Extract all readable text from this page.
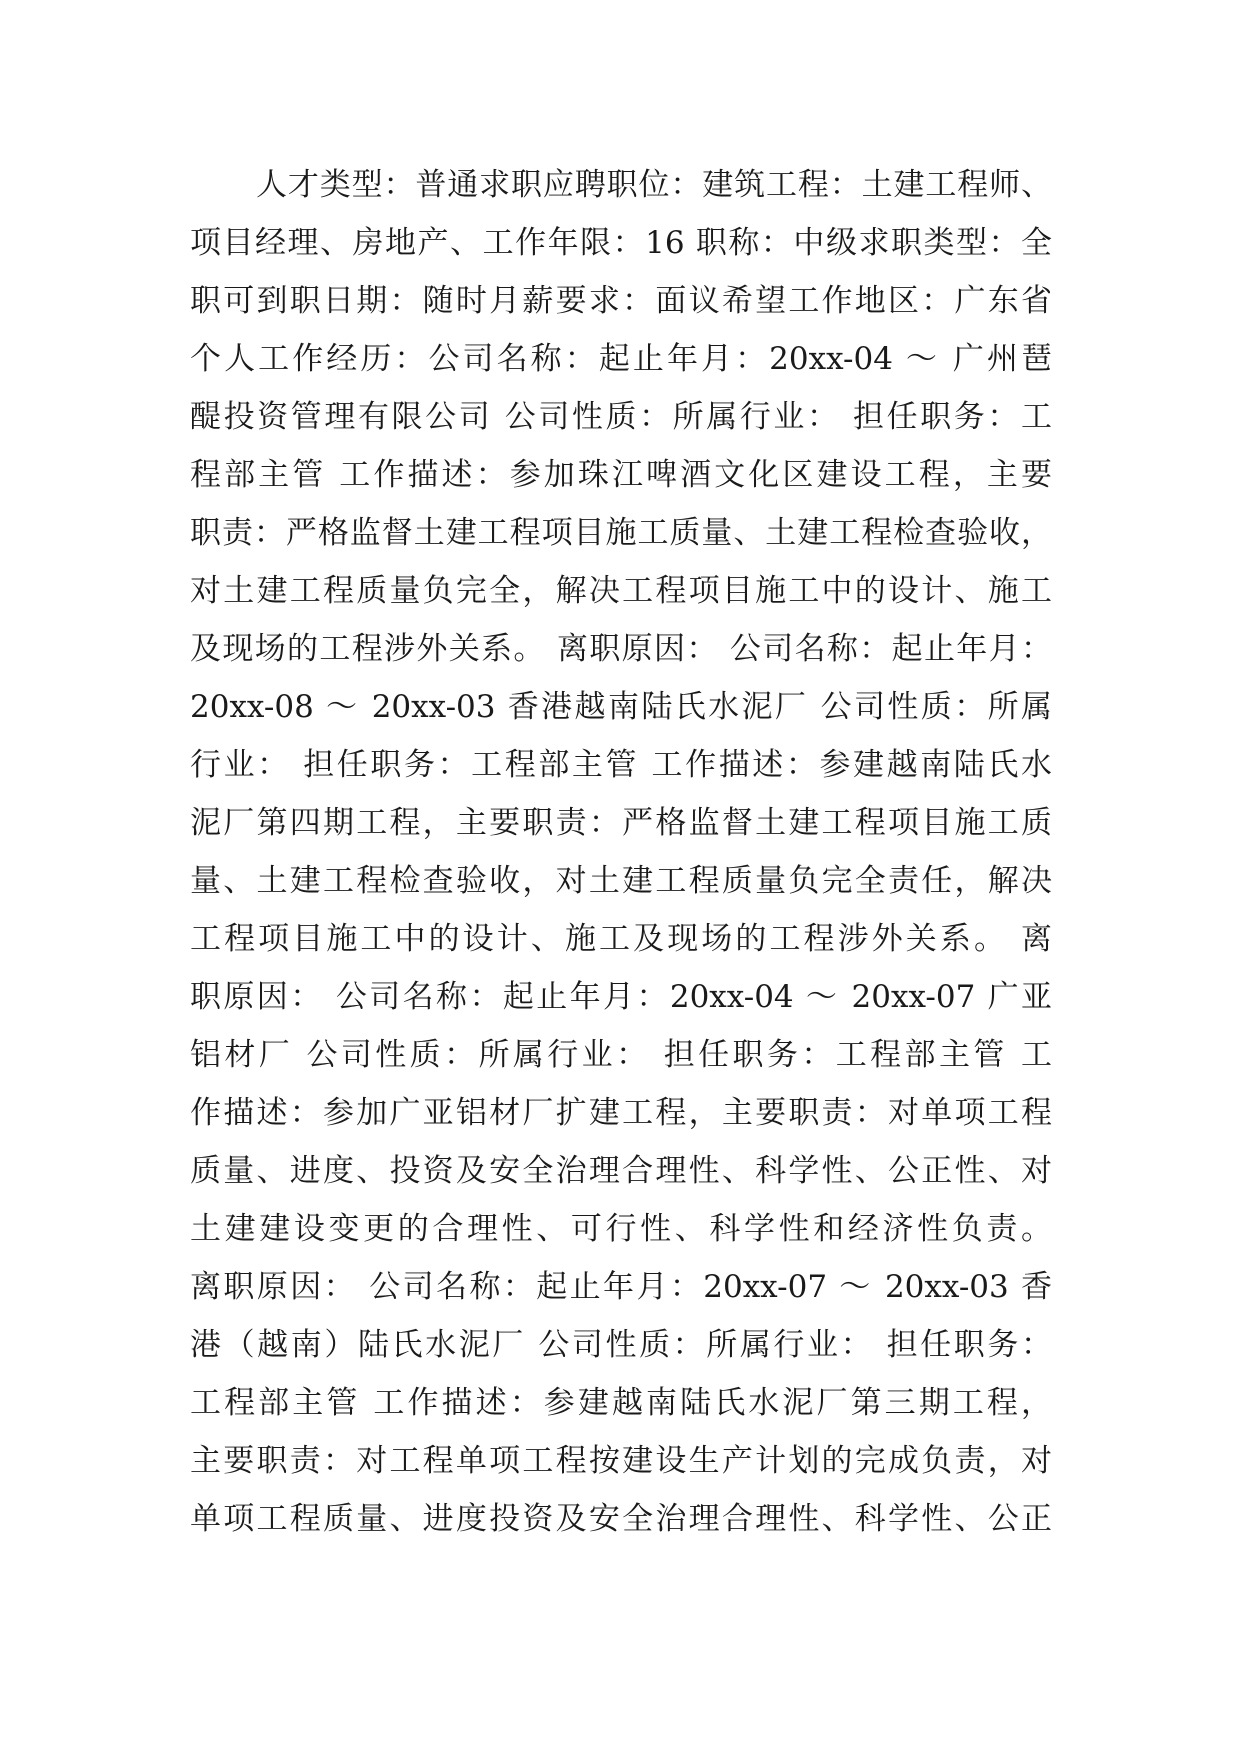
人才类型：普通求职应聘职位：建筑工程：土建工程师、
项目经理、房地产、工作年限：16 职称：中级求职类型：全
职可到职日期：随时月薪要求：面议希望工作地区：广东省
个人工作经历：公司名称：起止年月：20xx-04 ～ 广州琶
醍投资管理有限公司 公司性质：所属行业： 担任职务：工
程部主管 工作描述：参加珠江啤酒文化区建设工程，主要
职责：严格监督土建工程项目施工质量、土建工程检查验收，
对土建工程质量负完全，解决工程项目施工中的设计、施工
及现场的工程涉外关系。 离职原因： 公司名称：起止年月：
20xx-08 ～ 20xx-03 香港越南陆氏水泥厂 公司性质：所属
行业： 担任职务：工程部主管 工作描述：参建越南陆氏水
泥厂第四期工程，主要职责：严格监督土建工程项目施工质
量、土建工程检查验收，对土建工程质量负完全责任，解决
工程项目施工中的设计、施工及现场的工程涉外关系。 离
职原因： 公司名称：起止年月：20xx-04 ～ 20xx-07 广亚
铝材厂 公司性质：所属行业： 担任职务：工程部主管 工
作描述：参加广亚铝材厂扩建工程，主要职责：对单项工程
质量、进度、投资及安全治理合理性、科学性、公正性、对
土建建设变更的合理性、可行性、科学性和经济性负责。
离职原因： 公司名称：起止年月：20xx-07 ～ 20xx-03 香
港（越南）陆氏水泥厂 公司性质：所属行业： 担任职务：
工程部主管 工作描述：参建越南陆氏水泥厂第三期工程，
主要职责：对工程单项工程按建设生产计划的完成负责，对
单项工程质量、进度投资及安全治理合理性、科学性、公正
